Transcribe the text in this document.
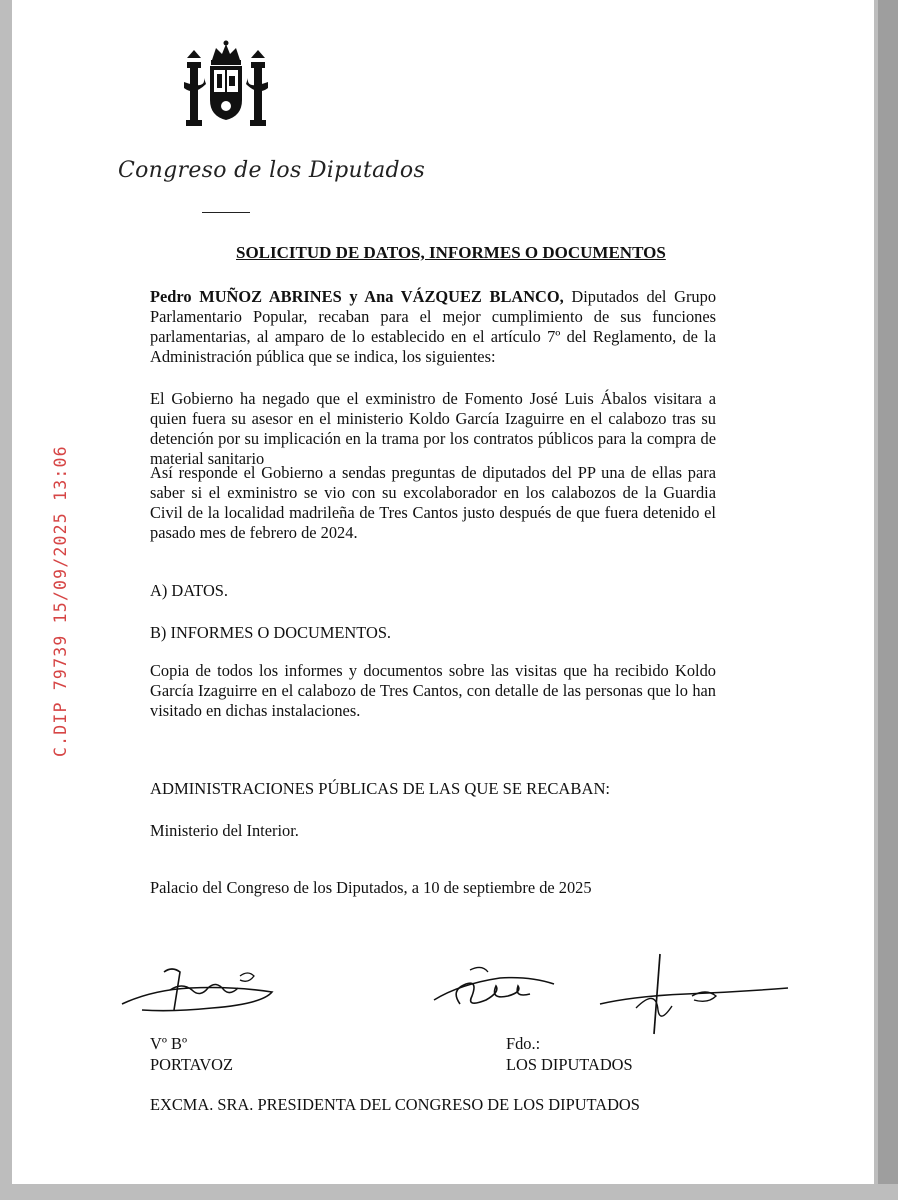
Congreso de los Diputados
C.DIP 79739 15/09/2025 13:06
SOLICITUD DE DATOS, INFORMES O DOCUMENTOS
Pedro MUÑOZ ABRINES y Ana VÁZQUEZ BLANCO, Diputados del Grupo Parlamentario Popular, recaban para el mejor cumplimiento de sus funciones parlamentarias, al amparo de lo establecido en el artículo 7º del Reglamento, de la Administración pública que se indica, los siguientes:
El Gobierno ha negado que el exministro de Fomento José Luis Ábalos visitara a quien fuera su asesor en el ministerio Koldo García Izaguirre en el calabozo tras su detención por su implicación en la trama por los contratos públicos para la compra de material sanitario
Así responde el Gobierno a sendas preguntas de diputados del PP una de ellas para saber si el exministro se vio con su excolaborador en los calabozos de la Guardia Civil de la localidad madrileña de Tres Cantos justo después de que fuera detenido el pasado mes de febrero de 2024.
A) DATOS.
B) INFORMES O DOCUMENTOS.
Copia de todos los informes y documentos sobre las visitas que ha recibido Koldo García Izaguirre en el calabozo de Tres Cantos, con detalle de las personas que lo han visitado en dichas instalaciones.
ADMINISTRACIONES PÚBLICAS DE LAS QUE SE RECABAN:
Ministerio del Interior.
Palacio del Congreso de los Diputados, a 10 de septiembre de 2025
Vº Bº
PORTAVOZ
Fdo.:
LOS DIPUTADOS
EXCMA. SRA. PRESIDENTA DEL CONGRESO DE LOS DIPUTADOS
